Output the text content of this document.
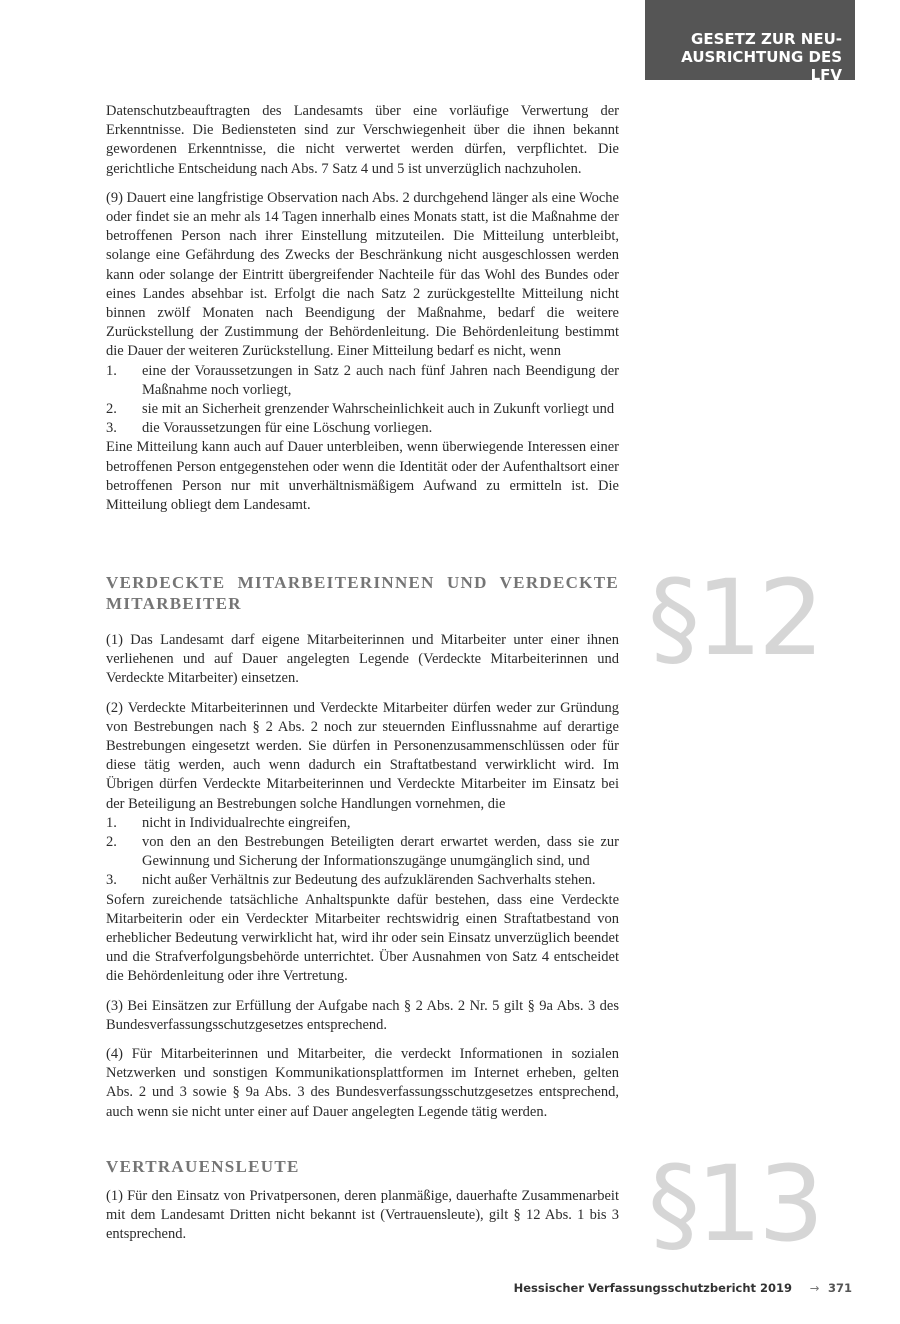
GESETZ ZUR NEU-
AUSRICHTUNG DES LFV

Datenschutzbeauftragten des Landesamts über eine vorläufige Verwertung der Erkenntnisse. Die Bediensteten sind zur Verschwiegenheit über die ihnen bekannt gewordenen Erkenntnisse, die nicht verwertet werden dürfen, verpflichtet. Die gerichtliche Entscheidung nach Abs. 7 Satz 4 und 5 ist unverzüglich nachzuholen.

(9) Dauert eine langfristige Observation nach Abs. 2 durchgehend länger als eine Woche oder findet sie an mehr als 14 Tagen innerhalb eines Monats statt, ist die Maßnahme der betroffenen Person nach ihrer Einstellung mitzuteilen. Die Mitteilung unterbleibt, solange eine Gefährdung des Zwecks der Beschränkung nicht ausgeschlossen werden kann oder solange der Eintritt übergreifender Nachteile für das Wohl des Bundes oder eines Landes absehbar ist. Erfolgt die nach Satz 2 zurückgestellte Mitteilung nicht binnen zwölf Monaten nach Beendigung der Maßnahme, bedarf die weitere Zurückstellung der Zustimmung der Behördenleitung. Die Behördenleitung bestimmt die Dauer der weiteren Zurückstellung. Einer Mitteilung bedarf es nicht, wenn

1.	eine der Voraussetzungen in Satz 2 auch nach fünf Jahren nach Beendigung der Maßnahme noch vorliegt,
2.	sie mit an Sicherheit grenzender Wahrscheinlichkeit auch in Zukunft vorliegt und
3.	die Voraussetzungen für eine Löschung vorliegen.

Eine Mitteilung kann auch auf Dauer unterbleiben, wenn überwiegende Interessen einer betroffenen Person entgegenstehen oder wenn die Identität oder der Aufenthaltsort einer betroffenen Person nur mit unverhältnismäßigem Aufwand zu ermitteln ist. Die Mitteilung obliegt dem Landesamt.

§12
VERDECKTE MITARBEITERINNEN UND VERDECKTE MITARBEITER

(1) Das Landesamt darf eigene Mitarbeiterinnen und Mitarbeiter unter einer ihnen verliehenen und auf Dauer angelegten Legende (Verdeckte Mitarbeiterinnen und Verdeckte Mitarbeiter) einsetzen.

(2) Verdeckte Mitarbeiterinnen und Verdeckte Mitarbeiter dürfen weder zur Gründung von Bestrebungen nach § 2 Abs. 2 noch zur steuernden Einflussnahme auf derartige Bestrebungen eingesetzt werden. Sie dürfen in Personenzusammenschlüssen oder für diese tätig werden, auch wenn dadurch ein Straftatbestand verwirklicht wird. Im Übrigen dürfen Verdeckte Mitarbeiterinnen und Verdeckte Mitarbeiter im Einsatz bei der Beteiligung an Bestrebungen solche Handlungen vornehmen, die

1.	nicht in Individualrechte eingreifen,
2.	von den an den Bestrebungen Beteiligten derart erwartet werden, dass sie zur Gewinnung und Sicherung der Informationszugänge unumgänglich sind, und
3.	nicht außer Verhältnis zur Bedeutung des aufzuklärenden Sachverhalts stehen.

Sofern zureichende tatsächliche Anhaltspunkte dafür bestehen, dass eine Verdeckte Mitarbeiterin oder ein Verdeckter Mitarbeiter rechtswidrig einen Straftatbestand von erheblicher Bedeutung verwirklicht hat, wird ihr oder sein Einsatz unverzüglich beendet und die Strafverfolgungsbehörde unterrichtet. Über Ausnahmen von Satz 4 entscheidet die Behördenleitung oder ihre Vertretung.

(3) Bei Einsätzen zur Erfüllung der Aufgabe nach § 2 Abs. 2 Nr. 5 gilt § 9a Abs. 3 des Bundesverfassungsschutzgesetzes entsprechend.

(4) Für Mitarbeiterinnen und Mitarbeiter, die verdeckt Informationen in sozialen Netzwerken und sonstigen Kommunikationsplattformen im Internet erheben, gelten Abs. 2 und 3 sowie § 9a Abs. 3 des Bundesverfassungsschutzgesetzes entsprechend, auch wenn sie nicht unter einer auf Dauer angelegten Legende tätig werden.

§13
VERTRAUENSLEUTE

(1) Für den Einsatz von Privatpersonen, deren planmäßige, dauerhafte Zusammenarbeit mit dem Landesamt Dritten nicht bekannt ist (Vertrauensleute), gilt § 12 Abs. 1 bis 3 entsprechend.

Hessischer Verfassungsschutzbericht 2019 → 371
